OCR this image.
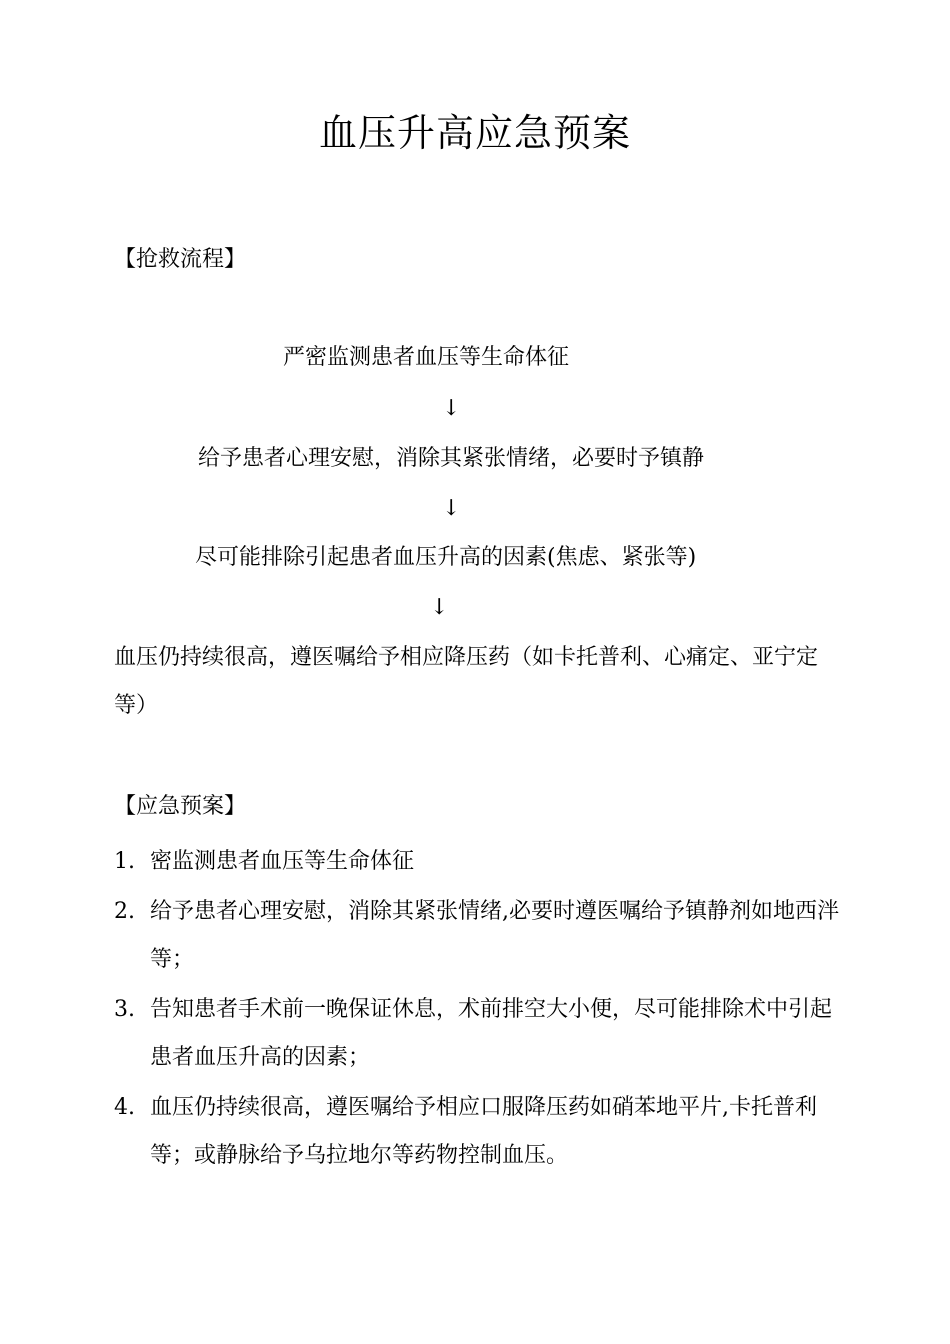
血压升高应急预案
【抢救流程】
严密监测患者血压等生命体征
↓
给予患者心理安慰，消除其紧张情绪，必要时予镇静
↓
尽可能排除引起患者血压升高的因素(焦虑、紧张等)
↓
血压仍持续很高，遵医嘱给予相应降压药（如卡托普利、心痛定、亚宁定等）
【应急预案】
1. 密监测患者血压等生命体征
2. 给予患者心理安慰，消除其紧张情绪,必要时遵医嘱给予镇静剂如地西泮等；
3. 告知患者手术前一晚保证休息，术前排空大小便，尽可能排除术中引起患者血压升高的因素；
4. 血压仍持续很高，遵医嘱给予相应口服降压药如硝苯地平片,卡托普利等；或静脉给予乌拉地尔等药物控制血压。
